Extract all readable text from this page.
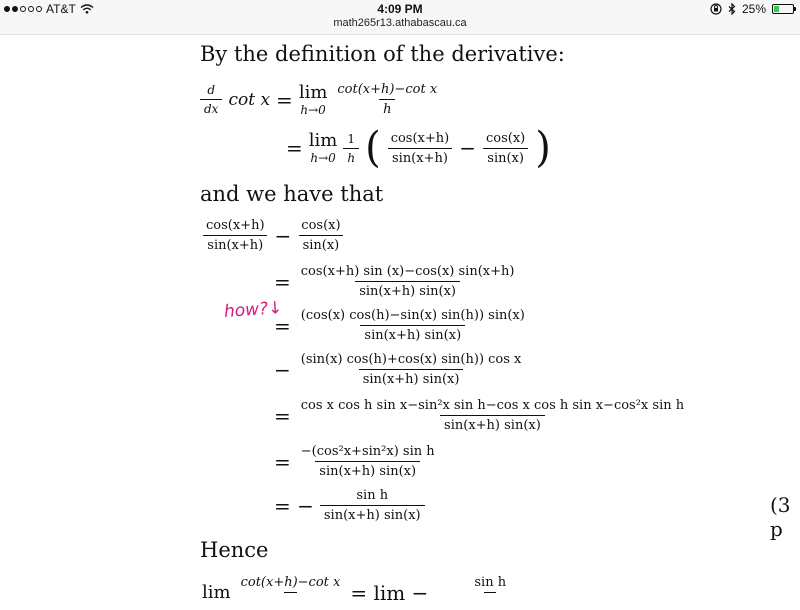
AT&T	4:09 PM
math265r13.athabascau.ca
25%
By the definition of the derivative:
$\frac{d}{dx}$ cot x = lim
$h\to 0 \frac{\text{cot(x+h)−cot x}}{h}$
= lim
$h\to 0 \frac{1}{h}$ ( $\frac{\cos(x+h)}{\sin(x+h)} - \frac{\cos(x)}{\sin(x)}$ )
and we have that
$\frac{\cos(x+h)}{\sin(x+h)} - \frac{\cos(x)}{\sin(x)}$
how?↓
= $\frac{\cos(x+h) \sin (x)-\cos(x) \sin(x+h)}{\sin(x+h) \sin(x)}$
= $\frac{(\cos(x) \cos(h)-\sin(x) \sin(h)) \sin(x)}{\sin(x+h) \sin(x)}$
− $\frac{\text{(sin(x) cos(h)+cos(x) sin(h)) cos x}}{\sin(x+h) \sin(x)}$
= cos x cos h sin x−sin²x sin h−cos x cos h sin x−cos²x sin h
sin(x+h) sin(x)
= $\frac{\text{−(cos²x+sin²x) sin h}}{\sin(x+h) \sin(x)}$
= − $\frac{\text{sin h}}{\sin(x+h) \sin(x)}$	(3 p
Hence
lim cot(x+h)−cot x
= lim −	sin h
